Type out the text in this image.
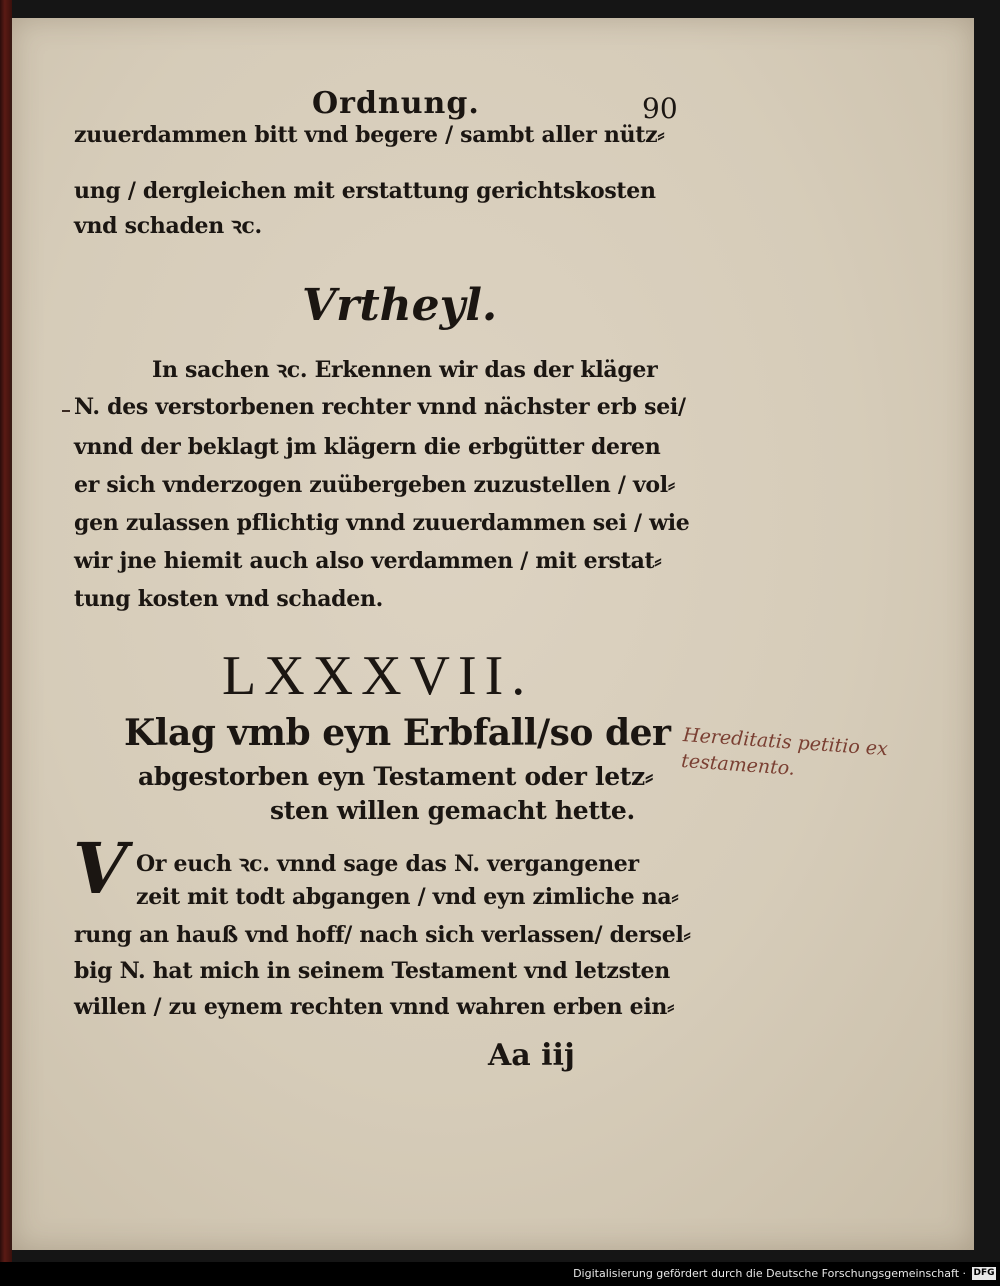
Ordnung.	90
zuuerdammen bitt vnd begere / sambt aller nütz⸗
ung / dergleichen mit erstattung gerichtskosten
vnd schaden ꝛc.
Vrtheyl.
In sachen ꝛc. Erkennen wir das der kläger
N. des verstorbenen rechter vnnd nächster erb sei/
vnnd der beklagt jm klägern die erbgütter deren
er sich vnderzogen zuübergeben zuzustellen / vol⸗
gen zulassen pflichtig vnnd zuuerdammen sei / wie
wir jne hiemit auch also verdammen / mit erstat⸗
tung kosten vnd schaden.
LXXXVII.
Klag vmb eyn Erbfall/so der
abgestorben eyn Testament oder letz⸗
sten willen gemacht hette.
V Or euch ꝛc. vnnd sage das N. vergangener
zeit mit todt abgangen / vnd eyn zimliche na⸗
rung an hauß vnd hoff/ nach sich verlassen/ dersel⸗
big N. hat mich in seinem Testament vnd letzsten
willen / zu eynem rechten vnnd wahren erben ein⸗
Aa iij
Hereditatis petitio ex testamento.
Digitalisierung gefördert durch die Deutsche Forschungsgemeinschaft · DFG
